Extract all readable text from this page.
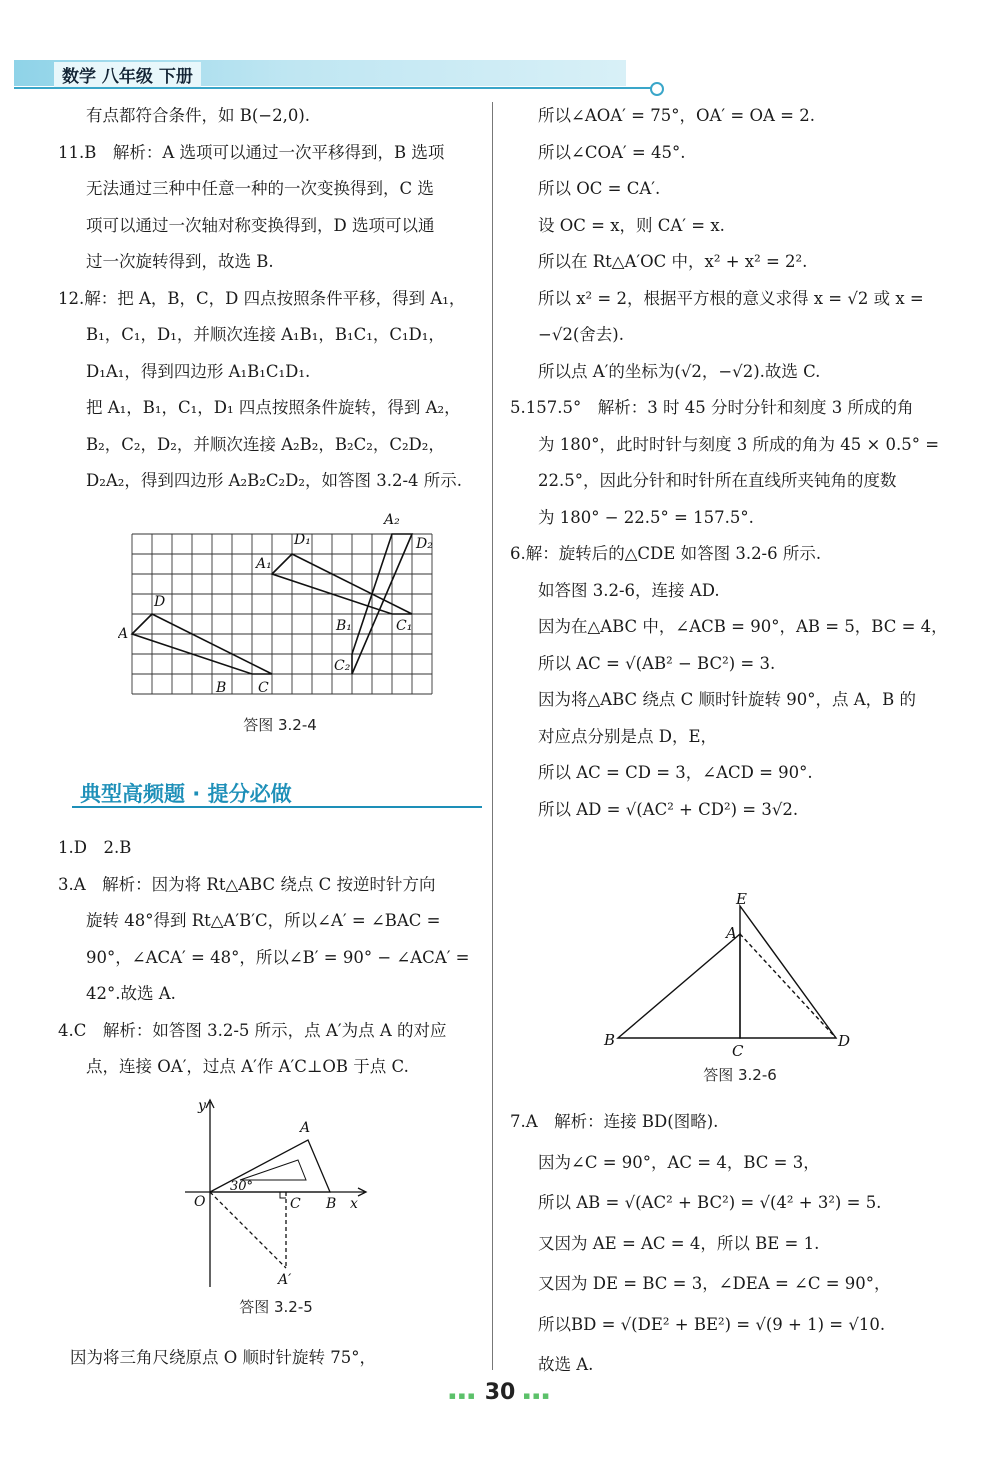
数学 八年级 下册

有点都符合条件，如 B(−2,0).

11.B　解析：A 选项可以通过一次平移得到，B 选项

无法通过三种中任意一种的一次变换得到，C 选

项可以通过一次轴对称变换得到，D 选项可以通

过一次旋转得到，故选 B.

12.解：把 A，B，C，D 四点按照条件平移，得到 A₁，

B₁，C₁，D₁，并顺次连接 A₁B₁，B₁C₁，C₁D₁，

D₁A₁，得到四边形 A₁B₁C₁D₁.

把 A₁，B₁，C₁，D₁ 四点按照条件旋转，得到 A₂，

B₂，C₂，D₂，并顺次连接 A₂B₂，B₂C₂，C₂D₂，

D₂A₂，得到四边形 A₂B₂C₂D₂，如答图 3.2-4 所示.

A₂
D₁	D₂
A₁
D
A	B₁	C₁
C₂
B C
答图 3.2-4
典型高频题 · 提分必做

1.D　2.B

3.A　解析：因为将 Rt△ABC 绕点 C 按逆时针方向

旋转 48°得到 Rt△A′B′C，所以∠A′ = ∠BAC =

90°，∠ACA′ = 48°，所以∠B′ = 90° − ∠ACA′ =

42°.故选 A.

4.C　解析：如答图 3.2-5 所示，点 A′为点 A 的对应

点，连接 OA′，过点 A′作 A′C⊥OB 于点 C.

y
A
O
30°
C B x
A′
答图 3.2-5

因为将三角尺绕原点 O 顺时针旋转 75°，

所以∠AOA′ = 75°，OA′ = OA = 2.

所以∠COA′ = 45°.

所以 OC = CA′.

设 OC = x，则 CA′ = x.

所以在 Rt△A′OC 中，x² + x² = 2².

所以 x² = 2，根据平方根的意义求得 x = √2 或 x =

−√2(舍去).

所以点 A′的坐标为(√2，−√2).故选 C.

5.157.5°　解析：3 时 45 分时分针和刻度 3 所成的角

为 180°，此时时针与刻度 3 所成的角为 45 × 0.5° =

22.5°，因此分针和时针所在直线所夹钝角的度数

为 180° − 22.5° = 157.5°.

6.解：旋转后的△CDE 如答图 3.2-6 所示.

如答图 3.2-6，连接 AD.

因为在△ABC 中，∠ACB = 90°，AB = 5，BC = 4，

所以 AC = √(AB² − BC²) = 3.

因为将△ABC 绕点 C 顺时针旋转 90°，点 A，B 的

对应点分别是点 D，E，

所以 AC = CD = 3，∠ACD = 90°.

所以 AD = √(AC² + CD²) = 3√2.

E
A
B
C
D
答图 3.2-6

7.A　解析：连接 BD(图略).

因为∠C = 90°，AC = 4，BC = 3，

所以 AB = √(AC² + BC²) = √(4² + 3²) = 5.

又因为 AE = AC = 4，所以 BE = 1.

又因为 DE = BC = 3，∠DEA = ∠C = 90°，

所以BD = √(DE² + BE²) = √(9 + 1) = √10.

故选 A.

▪▪▪ 30 ▪▪▪
